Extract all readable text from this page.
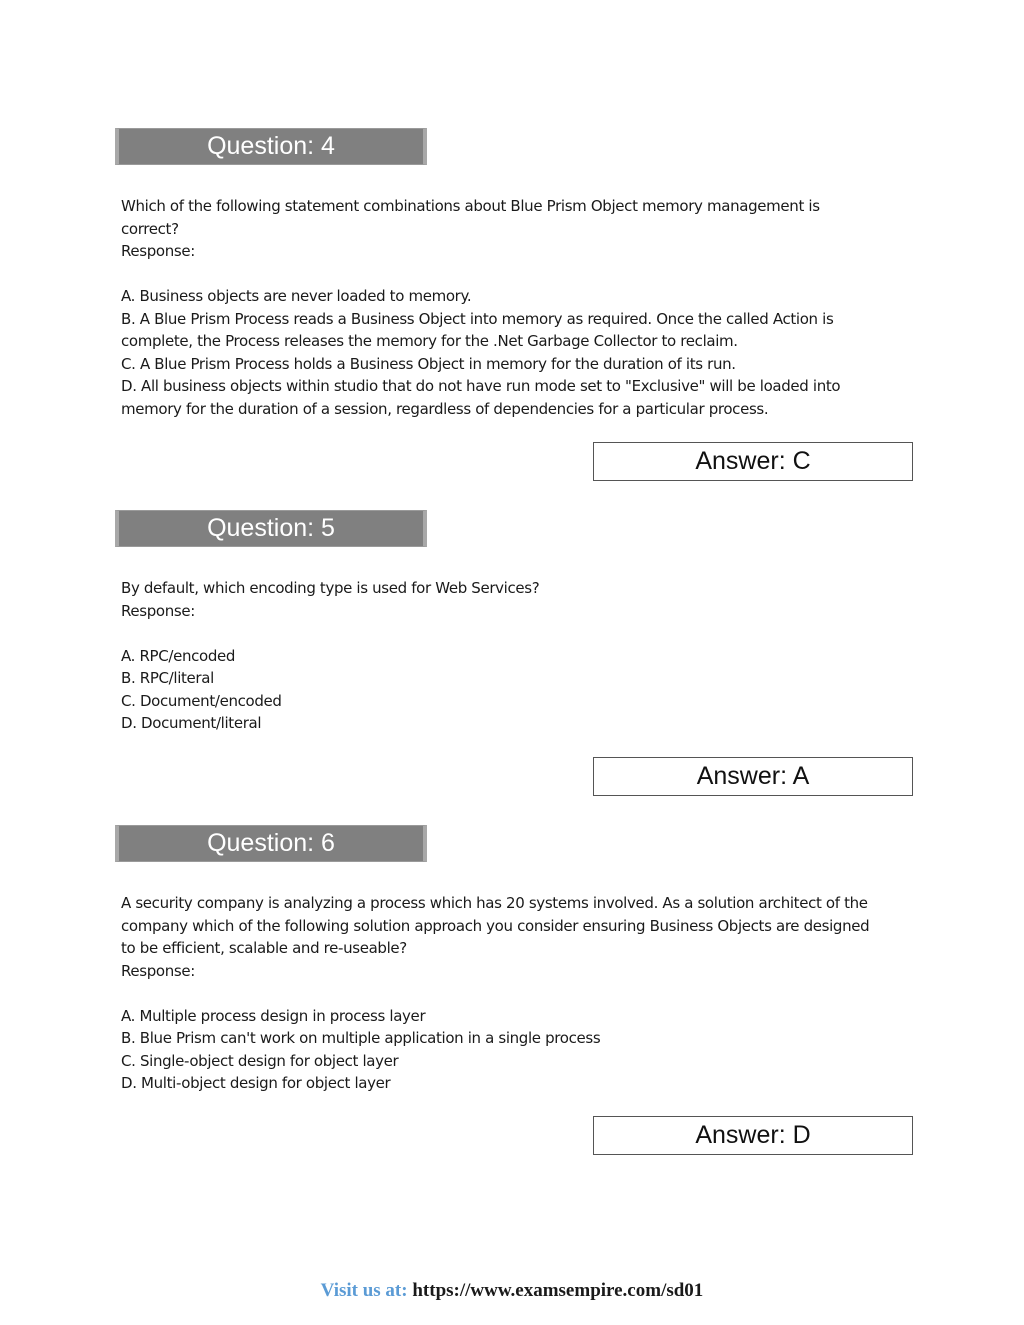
Question: 4
Which of the following statement combinations about Blue Prism Object memory management is
correct?
Response:
A. Business objects are never loaded to memory.
B. A Blue Prism Process reads a Business Object into memory as required. Once the called Action is
complete, the Process releases the memory for the .Net Garbage Collector to reclaim.
C. A Blue Prism Process holds a Business Object in memory for the duration of its run.
D. All business objects within studio that do not have run mode set to "Exclusive" will be loaded into
memory for the duration of a session, regardless of dependencies for a particular process.
Answer: C
Question: 5
By default, which encoding type is used for Web Services?
Response:
A. RPC/encoded
B. RPC/literal
C. Document/encoded
D. Document/literal
Answer: A
Question: 6
A security company is analyzing a process which has 20 systems involved. As a solution architect of the
company which of the following solution approach you consider ensuring Business Objects are designed
to be efficient, scalable and re-useable?
Response:
A. Multiple process design in process layer
B. Blue Prism can't work on multiple application in a single process
C. Single-object design for object layer
D. Multi-object design for object layer
Answer: D
Visit us at: https://www.examsempire.com/sd01
